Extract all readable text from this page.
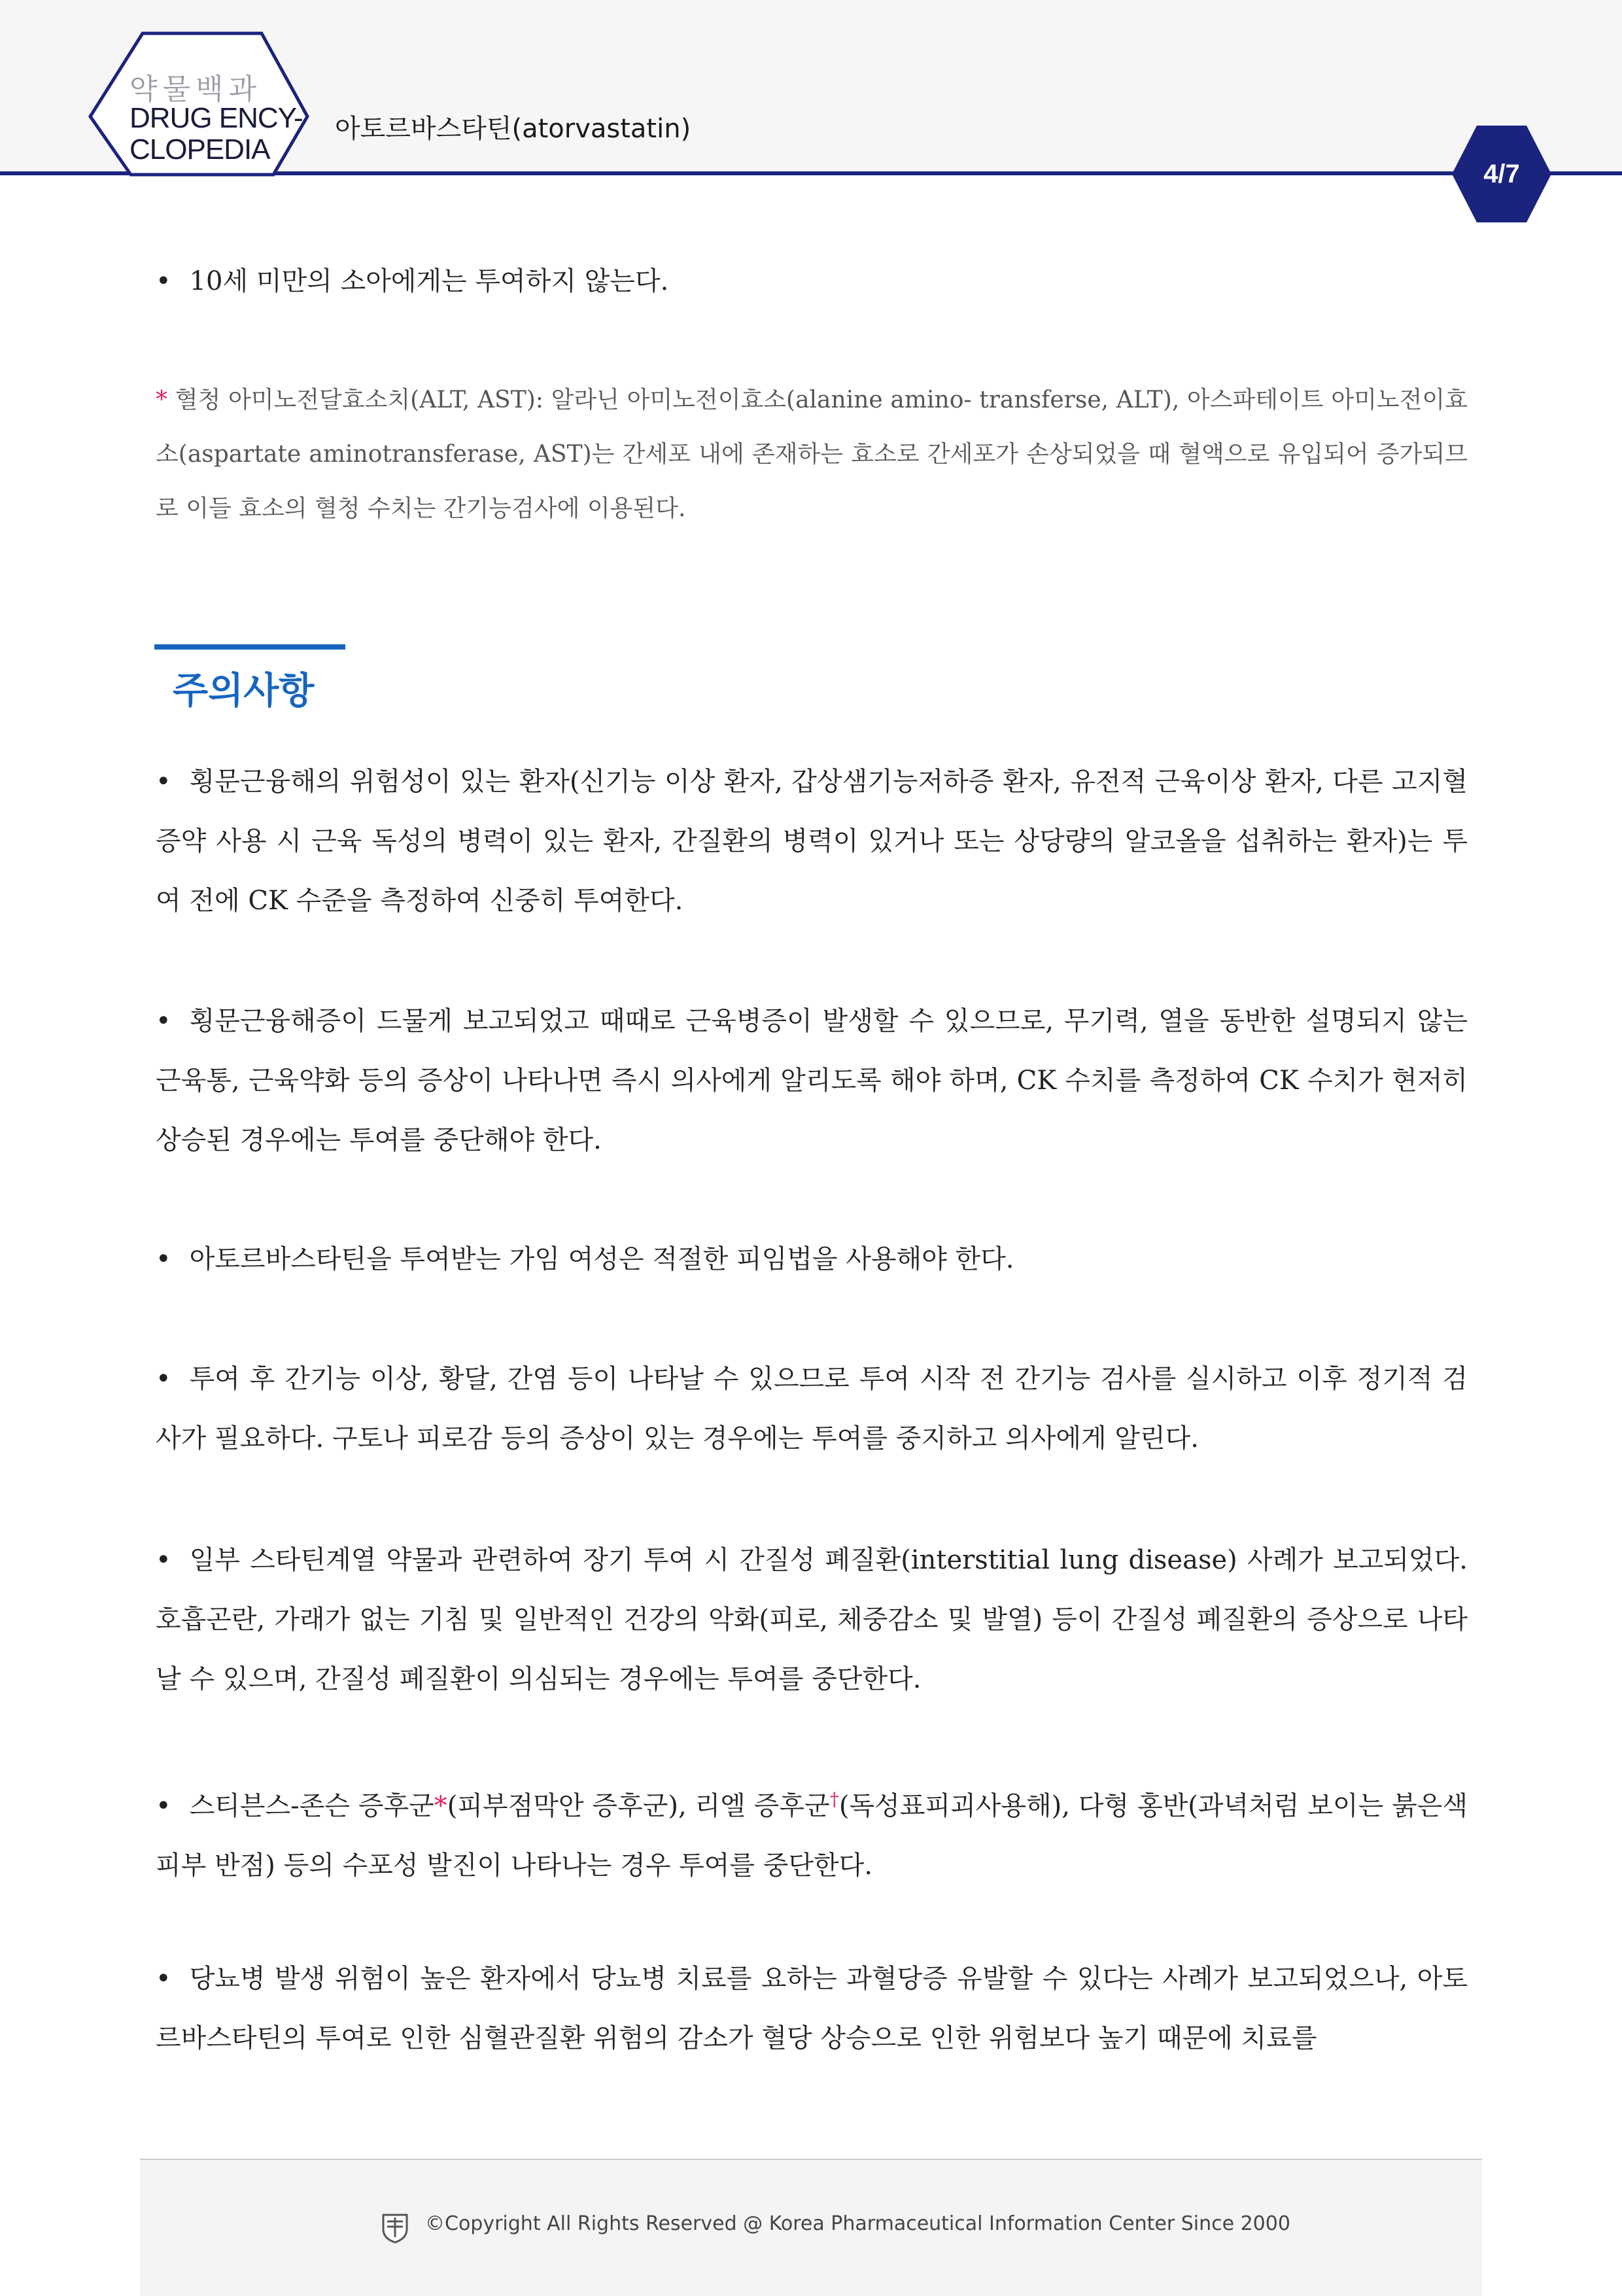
약물백과
DRUG ENCY-
CLOPEDIA
아토르바스타틴(atorvastatin)
4/7

• 10세 미만의 소아에게는 투여하지 않는다.

* 혈청 아미노전달효소치(ALT, AST): 알라닌 아미노전이효소(alanine amino- transferse, ALT), 아스파테이트 아미노전이효소(aspartate aminotransferase, AST)는 간세포 내에 존재하는 효소로 간세포가 손상되었을 때 혈액으로 유입되어 증가되므로 이들 효소의 혈청 수치는 간기능검사에 이용된다.

주의사항

• 횡문근융해의 위험성이 있는 환자(신기능 이상 환자, 갑상샘기능저하증 환자, 유전적 근육이상 환자, 다른 고지혈증약 사용 시 근육 독성의 병력이 있는 환자, 간질환의 병력이 있거나 또는 상당량의 알코올을 섭취하는 환자)는 투여 전에 CK 수준을 측정하여 신중히 투여한다.

• 횡문근융해증이 드물게 보고되었고 때때로 근육병증이 발생할 수 있으므로, 무기력, 열을 동반한 설명되지 않는 근육통, 근육약화 등의 증상이 나타나면 즉시 의사에게 알리도록 해야 하며, CK 수치를 측정하여 CK 수치가 현저히 상승된 경우에는 투여를 중단해야 한다.

• 아토르바스타틴을 투여받는 가임 여성은 적절한 피임법을 사용해야 한다.

• 투여 후 간기능 이상, 황달, 간염 등이 나타날 수 있으므로 투여 시작 전 간기능 검사를 실시하고 이후 정기적 검사가 필요하다. 구토나 피로감 등의 증상이 있는 경우에는 투여를 중지하고 의사에게 알린다.

• 일부 스타틴계열 약물과 관련하여 장기 투여 시 간질성 폐질환(interstitial lung disease) 사례가 보고되었다. 호흡곤란, 가래가 없는 기침 및 일반적인 건강의 악화(피로, 체중감소 및 발열) 등이 간질성 폐질환의 증상으로 나타날 수 있으며, 간질성 폐질환이 의심되는 경우에는 투여를 중단한다.

• 스티븐스-존슨 증후군*(피부점막안 증후군), 리엘 증후군†(독성표피괴사용해), 다형 홍반(과녁처럼 보이는 붉은색 피부 반점) 등의 수포성 발진이 나타나는 경우 투여를 중단한다.

• 당뇨병 발생 위험이 높은 환자에서 당뇨병 치료를 요하는 과혈당증 유발할 수 있다는 사례가 보고되었으나, 아토르바스타틴의 투여로 인한 심혈관질환 위험의 감소가 혈당 상승으로 인한 위험보다 높기 때문에 치료를

©Copyright All Rights Reserved @ Korea Pharmaceutical Information Center Since 2000
